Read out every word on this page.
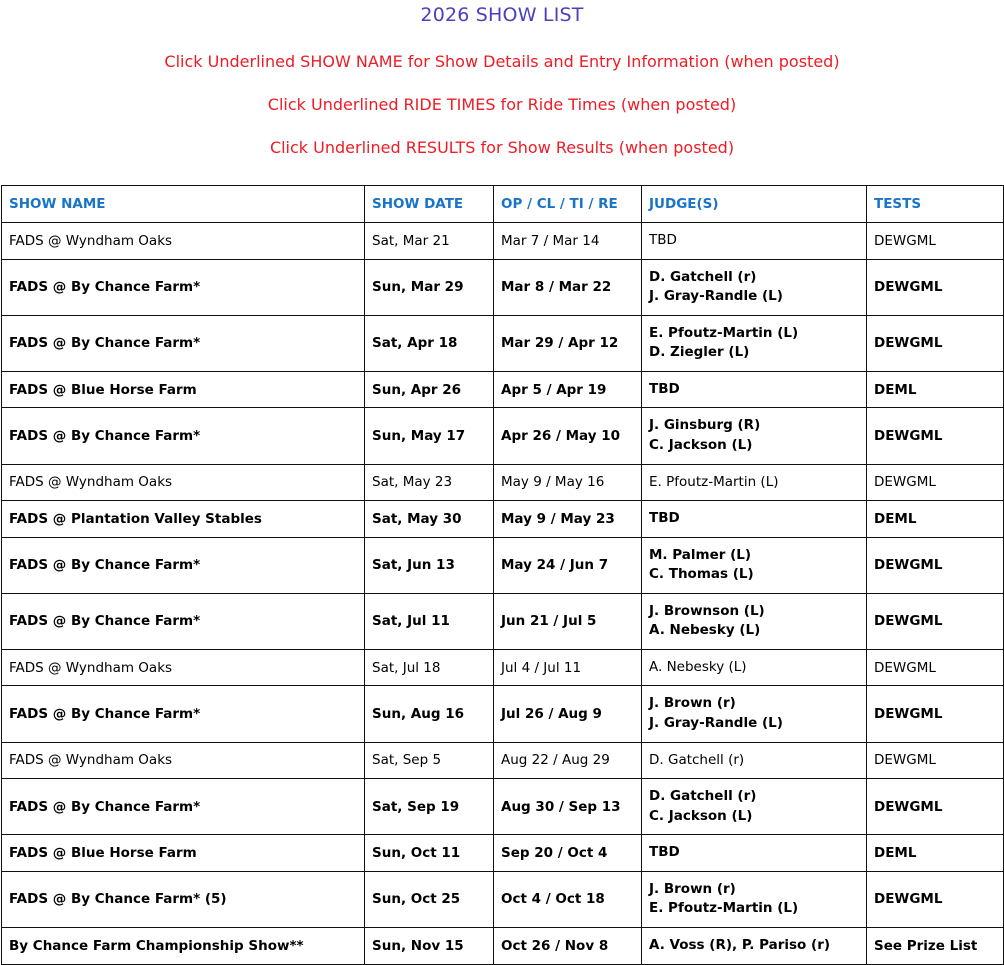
2026 SHOW LIST

Click Underlined SHOW NAME for Show Details and Entry Information (when posted)

Click Underlined RIDE TIMES for Ride Times (when posted)

Click Underlined RESULTS for Show Results (when posted)

SHOW NAME	SHOW DATE	OP / CL / TI / RE	JUDGE(S)	TESTS
FADS @ Wyndham Oaks	Sat, Mar 21	Mar 7 / Mar 14	TBD	DEWGML
FADS @ By Chance Farm*	Sun, Mar 29	Mar 8 / Mar 22	D. Gatchell (r)
J. Gray-Randle (L)	DEWGML
FADS @ By Chance Farm*	Sat, Apr 18	Mar 29 / Apr 12	E. Pfoutz-Martin (L)
D. Ziegler (L)	DEWGML
FADS @ Blue Horse Farm	Sun, Apr 26	Apr 5 / Apr 19	TBD	DEML
FADS @ By Chance Farm*	Sun, May 17	Apr 26 / May 10	J. Ginsburg (R)
C. Jackson (L)	DEWGML
FADS @ Wyndham Oaks	Sat, May 23	May 9 / May 16	E. Pfoutz-Martin (L)	DEWGML
FADS @ Plantation Valley Stables	Sat, May 30	May 9 / May 23	TBD	DEML
FADS @ By Chance Farm*	Sat, Jun 13	May 24 / Jun 7	M. Palmer (L)
C. Thomas (L)	DEWGML
FADS @ By Chance Farm*	Sat, Jul 11	Jun 21 / Jul 5	J. Brownson (L)
A. Nebesky (L)	DEWGML
FADS @ Wyndham Oaks	Sat, Jul 18	Jul 4 / Jul 11	A. Nebesky (L)	DEWGML
FADS @ By Chance Farm*	Sun, Aug 16	Jul 26 / Aug 9	J. Brown (r)
J. Gray-Randle (L)	DEWGML
FADS @ Wyndham Oaks	Sat, Sep 5	Aug 22 / Aug 29	D. Gatchell (r)	DEWGML
FADS @ By Chance Farm*	Sat, Sep 19	Aug 30 / Sep 13	D. Gatchell (r)
C. Jackson (L)	DEWGML
FADS @ Blue Horse Farm	Sun, Oct 11	Sep 20 / Oct 4	TBD	DEML
FADS @ By Chance Farm* (5)	Sun, Oct 25	Oct 4 / Oct 18	J. Brown (r)
E. Pfoutz-Martin (L)	DEWGML
By Chance Farm Championship Show**	Sun, Nov 15	Oct 26 / Nov 8	A. Voss (R), P. Pariso (r)	See Prize List
